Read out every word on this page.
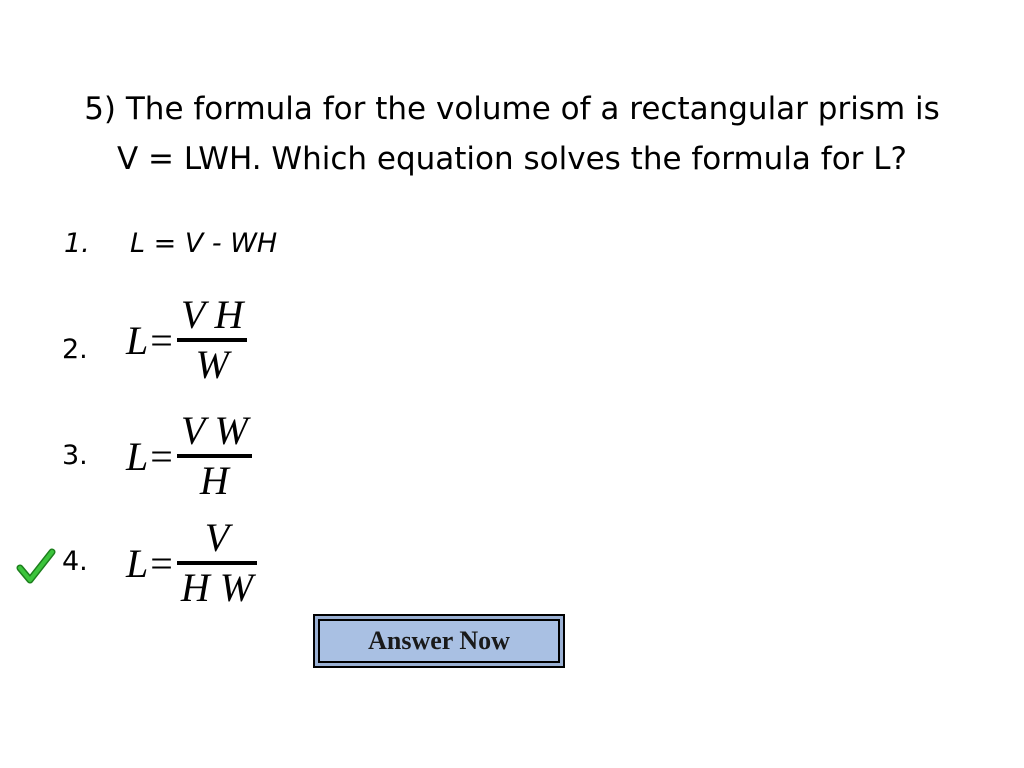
5) The formula for the volume of a rectangular prism is
V = LWH. Which equation solves the formula for L?
1. L = V - WH
2. $L = \frac{\text{V H}}{W}$
3. $L = \frac{\text{V W}}{H}$
4. $L = \frac{V}{\text{H W}}$
Answer Now
